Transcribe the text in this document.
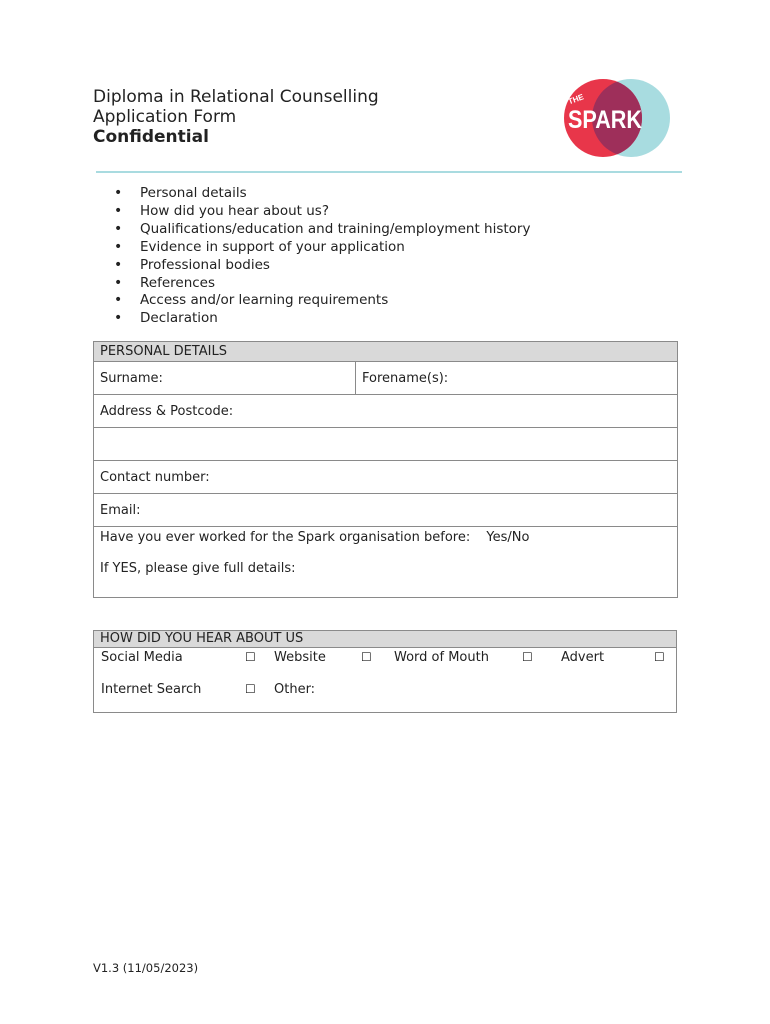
Diploma in Relational Counselling
Application Form
Confidential
THE
SPARK
• Personal details
• How did you hear about us?
• Qualifications/education and training/employment history
• Evidence in support of your application
• Professional bodies
• References
• Access and/or learning requirements
• Declaration
PERSONAL DETAILS
Surname:	Forename(s):
Address & Postcode:

Contact number:
Email:

Have you ever worked for the Spark organisation before: Yes/No
If YES, please give full details:
HOW DID YOU HEAR ABOUT US

Social Media	☐ Website	☐ Word of Mouth	☐ Advert	☐
Internet Search	☐ Other:
V1.3 (11/05/2023)
